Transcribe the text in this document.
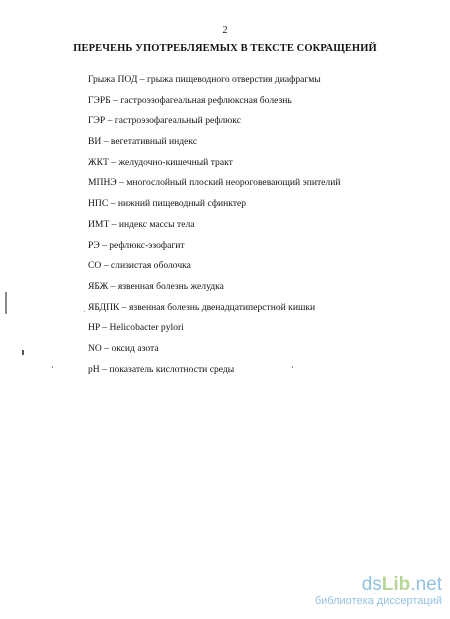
2
ПЕРЕЧЕНЬ УПОТРЕБЛЯЕМЫХ В ТЕКСТЕ СОКРАЩЕНИЙ
Грыжа ПОД – грыжа пищеводного отверстия диафрагмы
ГЭРБ – гастроэзофагеальная рефлюксная болезнь
ГЭР – гастроэзофагеальный рефлюкс
ВИ – вегетативный индекс
ЖКТ – желудочно-кишечный тракт
МПНЭ – многослойный плоский неороговевающий эпителий
НПС – нижний пищеводный сфинктер
ИМТ – индекс массы тела
РЭ – рефлюкс-эзофагит
СО – слизистая оболочка
ЯБЖ – язвенная болезнь желудка
ЯБДПК – язвенная болезнь двенадцатиперстной кишки
HP – Helicobacter pylori
NO – оксид азота
pH – показатель кислотности среды
dsLib.net
библиотека диссертаций
